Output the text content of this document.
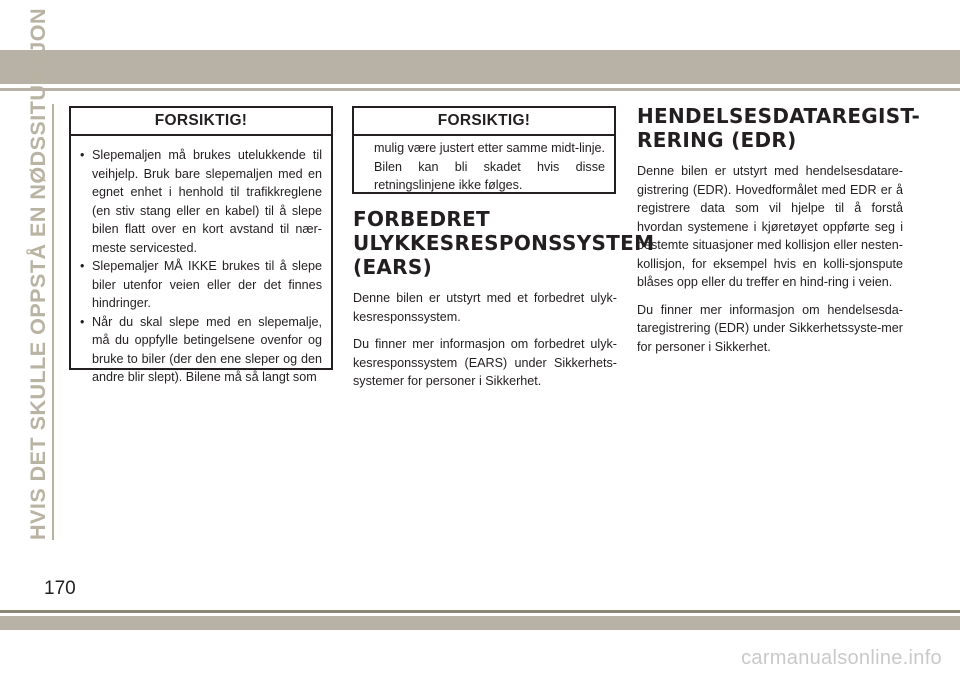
HVIS DET SKULLE OPPSTÅ EN NØDSSITUASJON	FORSIKTIG!

• Slepemaljen må brukes utelukkende til veihjelp. Bruk bare slepemaljen med en egnet enhet i henhold til trafikkreglene (en stiv stang eller en kabel) til å slepe bilen flatt over en kort avstand til nær-meste servicested.

• Slepemaljer MÅ IKKE brukes til å slepe biler utenfor veien eller der det finnes hindringer.

• Når du skal slepe med en slepemalje, må du oppfylle betingelsene ovenfor og bruke to biler (der den ene sleper og den andre blir slept). Bilene må så langt som

FORSIKTIG!

mulig være justert etter samme midt-linje. Bilen kan bli skadet hvis disse retningslinjene ikke følges.

FORBEDRET ULYKKESRESPONSSYSTEM (EARS)

Denne bilen er utstyrt med et forbedret ulyk-kesresponssystem.

Du finner mer informasjon om forbedret ulyk-kesresponssystem (EARS) under Sikkerhets-systemer for personer i Sikkerhet.

HENDELSESDATAREGIST-RERING (EDR)

Denne bilen er utstyrt med hendelsesdatare-gistrering (EDR). Hovedformålet med EDR er å registrere data som vil hjelpe til å forstå hvordan systemene i kjøretøyet oppførte seg i bestemte situasjoner med kollisjon eller nesten-kollisjon, for eksempel hvis en kolli-sjonspute blåses opp eller du treffer en hind-ring i veien.

Du finner mer informasjon om hendelsesda-taregistrering (EDR) under Sikkerhetssyste-mer for personer i Sikkerhet.

170
carmanualsonline.info
